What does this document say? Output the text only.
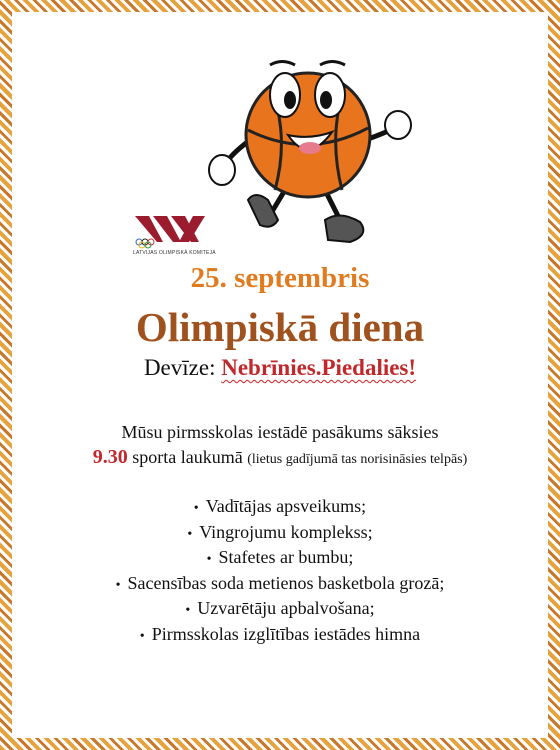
LATVIJAS OLIMPISKĀ KOMITEJA
25. septembris
Olimpiskā diena
Devīze: Nebrīnies.Piedalies!
Mūsu pirmsskolas iestādē pasākums sāksies
9.30 sporta laukumā (lietus gadījumā tas norisināsies telpās)
•  Vadītājas apsveikums;
•  Vingrojumu komplekss;
•  Stafetes ar bumbu;
•  Sacensības soda metienos basketbola grozā;
•  Uzvarētāju apbalvošana;
•  Pirmsskolas izglītības iestādes himna
